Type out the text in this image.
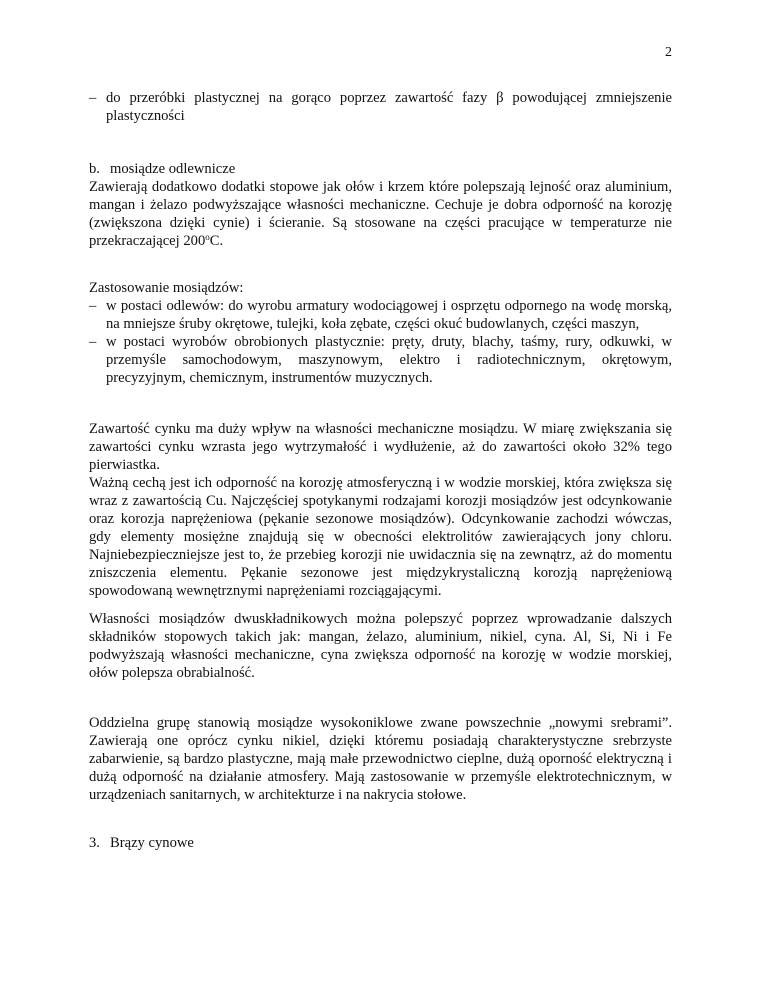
2
– do przeróbki plastycznej na gorąco poprzez zawartość fazy β powodującej zmniejszenie plastyczności
b. mosiądze odlewnicze
Zawierają dodatkowo dodatki stopowe jak ołów i krzem które polepszają lejność oraz aluminium, mangan i żelazo podwyższające własności mechaniczne. Cechuje je dobra odporność na korozję (zwiększona dzięki cynie) i ścieranie. Są stosowane na części pracujące w temperaturze nie przekraczającej 200$^o$C.
Zastosowanie mosiądzów:
– w postaci odlewów: do wyrobu armatury wodociągowej i osprzętu odpornego na wodę morską, na mniejsze śruby okrętowe, tulejki, koła zębate, części okuć budowlanych, części maszyn,
– w postaci wyrobów obrobionych plastycznie: pręty, druty, blachy, taśmy, rury, odkuwki, w przemyśle samochodowym, maszynowym, elektro i radiotechnicznym, okrętowym, precyzyjnym, chemicznym, instrumentów muzycznych.
Zawartość cynku ma duży wpływ na własności mechaniczne mosiądzu. W miarę zwiększania się zawartości cynku wzrasta jego wytrzymałość i wydłużenie, aż do zawartości około 32% tego pierwiastka.
Ważną cechą jest ich odporność na korozję atmosferyczną i w wodzie morskiej, która zwiększa się wraz z zawartością Cu. Najczęściej spotykanymi rodzajami korozji mosiądzów jest odcynkowanie oraz korozja naprężeniowa (pękanie sezonowe mosiądzów). Odcynkowanie zachodzi wówczas, gdy elementy mosiężne znajdują się w obecności elektrolitów zawierających jony chloru. Najniebezpieczniejsze jest to, że przebieg korozji nie uwidacznia się na zewnątrz, aż do momentu zniszczenia elementu. Pękanie sezonowe jest międzykrystaliczną korozją naprężeniową spowodowaną wewnętrznymi naprężeniami rozciągającymi.
Własności mosiądzów dwuskładnikowych można polepszyć poprzez wprowadzanie dalszych składników stopowych takich jak: mangan, żelazo, aluminium, nikiel, cyna. Al, Si, Ni i Fe podwyższają własności mechaniczne, cyna zwiększa odporność na korozję w wodzie morskiej, ołów polepsza obrabialność.
Oddzielna grupę stanowią mosiądze wysokoniklowe zwane powszechnie „nowymi srebrami”. Zawierają one oprócz cynku nikiel, dzięki któremu posiadają charakterystyczne srebrzyste zabarwienie, są bardzo plastyczne, mają małe przewodnictwo cieplne, dużą oporność elektryczną i dużą odporność na działanie atmosfery. Mają zastosowanie w przemyśle elektrotechnicznym, w urządzeniach sanitarnych, w architekturze i na nakrycia stołowe.
3. Brązy cynowe
